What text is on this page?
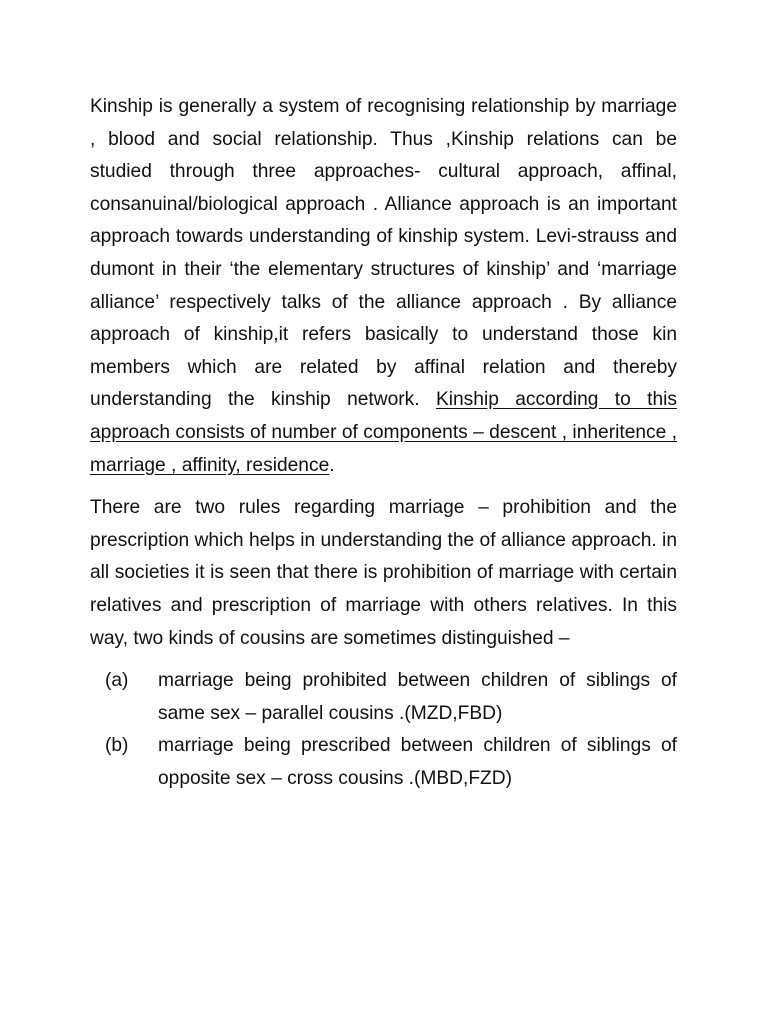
Kinship is generally a system of recognising relationship by marriage , blood and social relationship. Thus ,Kinship relations can be studied through three approaches- cultural approach, affinal, consanuinal/biological approach . Alliance approach is an important approach towards understanding of kinship system. Levi-strauss and dumont in their ‘the elementary structures of kinship’ and ‘marriage alliance’ respectively talks of the alliance approach . By alliance approach of kinship,it refers basically to understand those kin members which are related by affinal relation and thereby understanding the kinship network. Kinship according to this approach consists of number of components – descent , inheritence , marriage , affinity, residence.

There are two rules regarding marriage – prohibition and the prescription which helps in understanding the of alliance approach. in all societies it is seen that there is prohibition of marriage with certain relatives and prescription of marriage with others relatives. In this way, two kinds of cousins are sometimes distinguished –

(a)	marriage being prohibited between children of siblings of same sex – parallel cousins .(MZD,FBD)
(b)	marriage being prescribed between children of siblings of opposite sex – cross cousins .(MBD,FZD)
